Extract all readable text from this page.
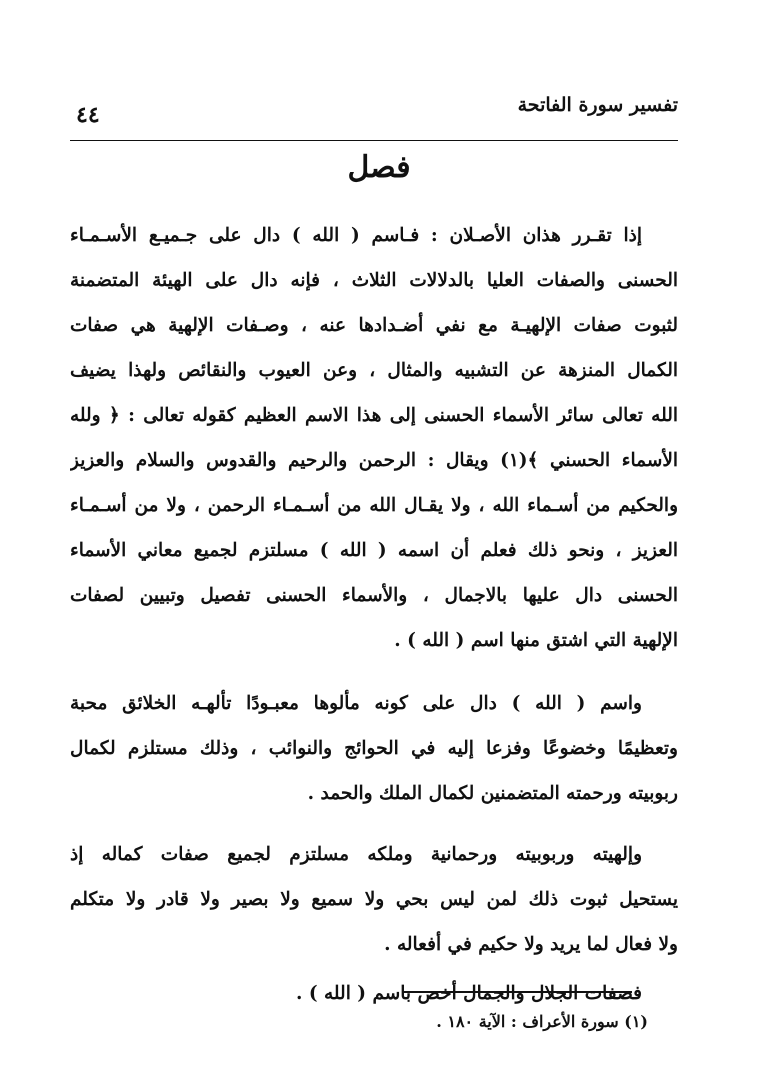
تفسير سورة الفاتحة
٤٤
فصل
إذا تقـرر هذان الأصـلان : فـاسم ( الله ) دال على جـميـع الأسـمـاء
الحسنى والصفات العليا بالدلالات الثلاث ، فإنه دال على الهيئة المتضمنة
لثبوت صفات الإلهيـة مع نفي أضـدادها عنه ، وصـفات الإلهية هي صفات
الكمال المنزهة عن التشبيه والمثال ، وعن العيوب والنقائص ولهذا يضيف
الله تعالى سائر الأسماء الحسنى إلى هذا الاسم العظيم كقوله تعالى : ﴿ ولله
الأسماء الحسني ﴾(١) ويقال : الرحمن والرحيم والقدوس والسلام والعزيز
والحكيم من أسـماء الله ، ولا يقـال الله من أسـمـاء الرحمن ، ولا من أسـمـاء
العزيز ، ونحو ذلك فعلم أن اسمه ( الله ) مسلتزم لجميع معاني الأسماء
الحسنى دال عليها بالاجمال ، والأسماء الحسنى تفصيل وتبيين لصفات
الإلهية التي اشتق منها اسم ( الله ) .
واسم ( الله ) دال على كونه مألوها معبـودًا تألهـه الخلائق محبة
وتعظيمًا وخضوعًا وفزعا إليه في الحوائج والنوائب ، وذلك مستلزم لكمال
ربوبيته ورحمته المتضمنين لكمال الملك والحمد .
وإلهيته وربوبيته ورحمانية وملكه مسلتزم لجميع صفات كماله إذ
يستحيل ثبوت ذلك لمن ليس بحي ولا سميع ولا بصير ولا قادر ولا متكلم
ولا فعال لما يريد ولا حكيم في أفعاله .
فصفات الجلال والجمال أخص باسم ( الله ) .
(١) سورة الأعراف : الآية ١٨٠ .
